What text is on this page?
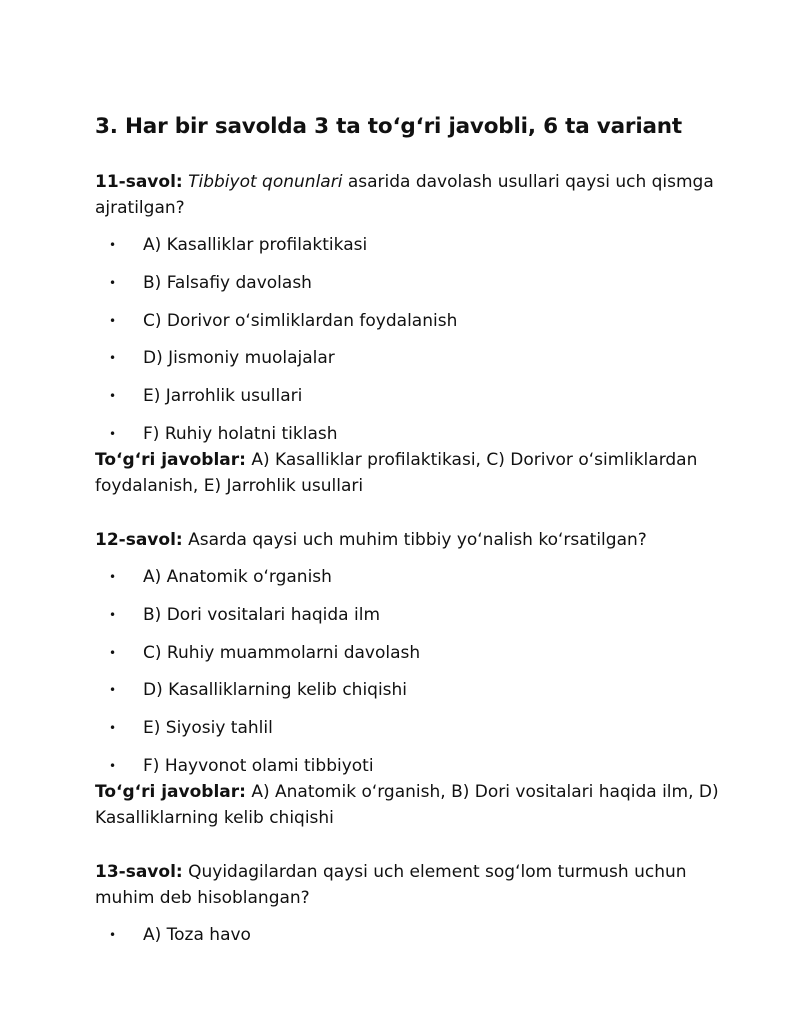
3. Har bir savolda 3 ta to‘g‘ri javobli, 6 ta variant

11-savol: Tibbiyot qonunlari asarida davolash usullari qaysi uch qismga ajratilgan?

• A) Kasalliklar profilaktikasi
• B) Falsafiy davolash
• C) Dorivor o‘simliklardan foydalanish
• D) Jismoniy muolajalar
• E) Jarrohlik usullari
• F) Ruhiy holatni tiklash

To‘g‘ri javoblar: A) Kasalliklar profilaktikasi, C) Dorivor o‘simliklardan foydalanish, E) Jarrohlik usullari

12-savol: Asarda qaysi uch muhim tibbiy yo‘nalish ko‘rsatilgan?

• A) Anatomik o‘rganish
• B) Dori vositalari haqida ilm
• C) Ruhiy muammolarni davolash
• D) Kasalliklarning kelib chiqishi
• E) Siyosiy tahlil
• F) Hayvonot olami tibbiyoti

To‘g‘ri javoblar: A) Anatomik o‘rganish, B) Dori vositalari haqida ilm, D) Kasalliklarning kelib chiqishi

13-savol: Quyidagilardan qaysi uch element sog‘lom turmush uchun muhim deb hisoblangan?

• A) Toza havo
